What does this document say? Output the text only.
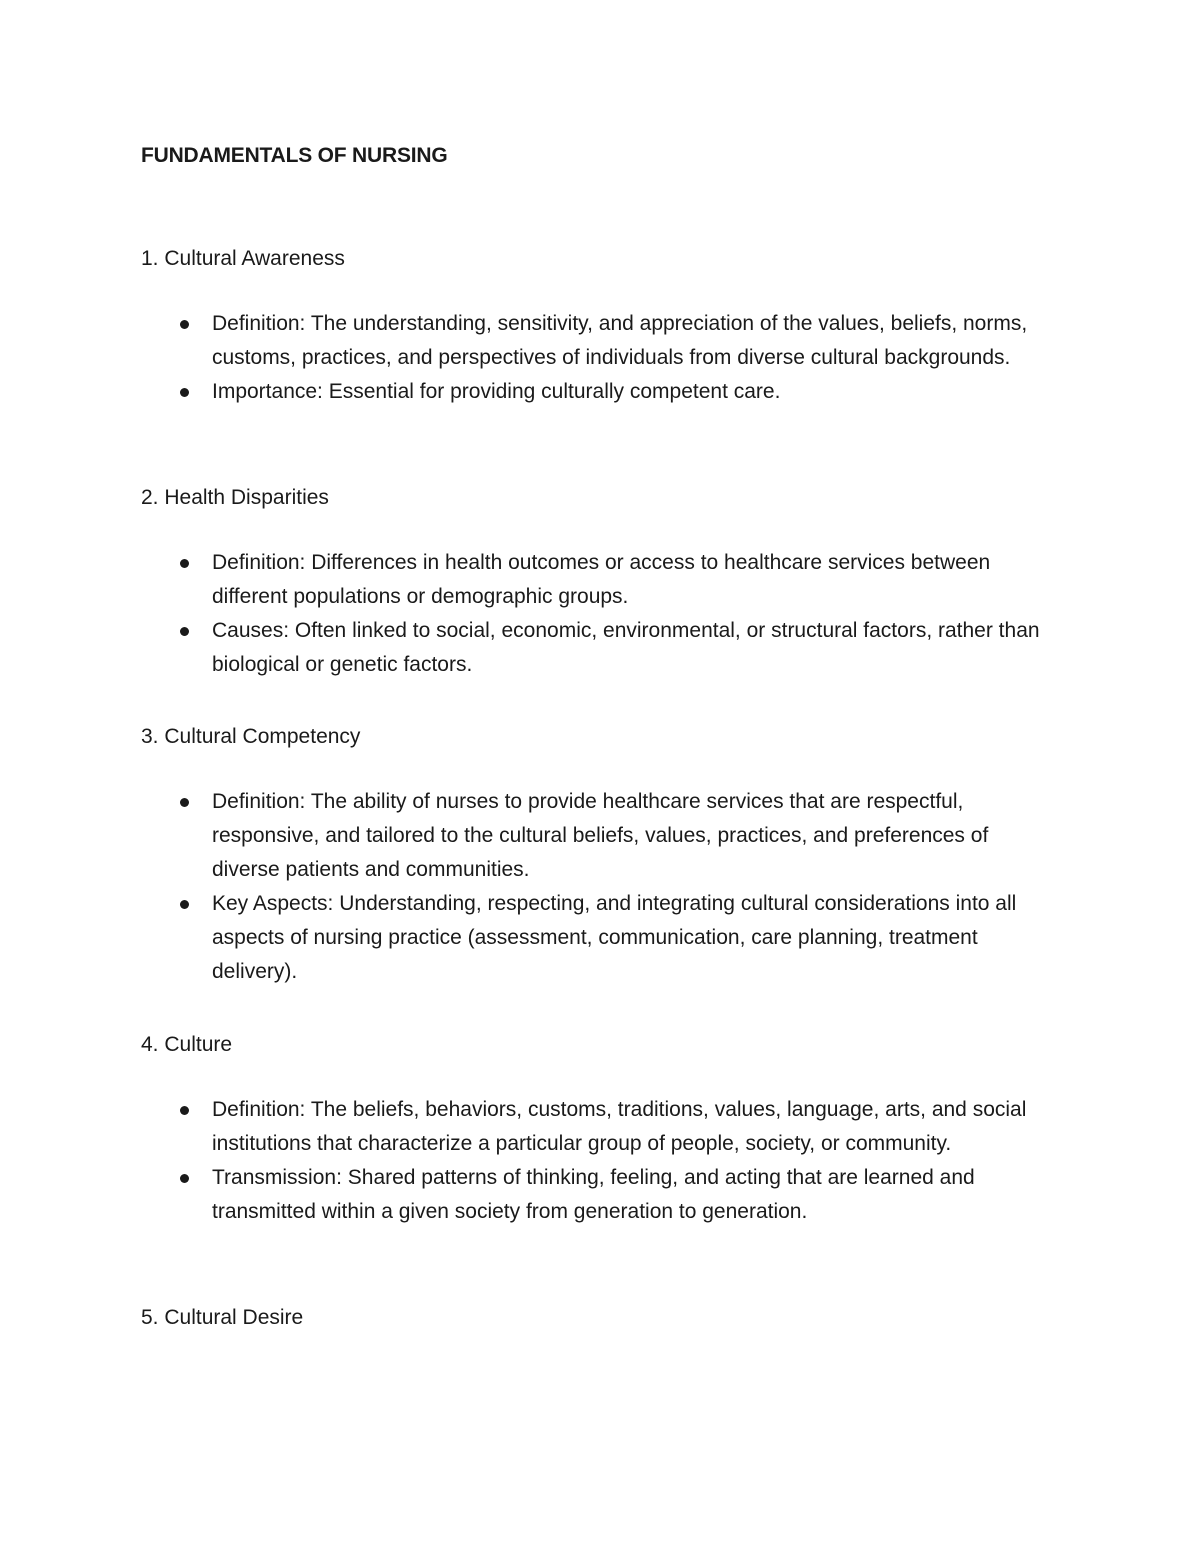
FUNDAMENTALS OF NURSING
1. Cultural Awareness
Definition: The understanding, sensitivity, and appreciation of the values, beliefs, norms, customs, practices, and perspectives of individuals from diverse cultural backgrounds.
Importance: Essential for providing culturally competent care.
2. Health Disparities
Definition: Differences in health outcomes or access to healthcare services between different populations or demographic groups.
Causes: Often linked to social, economic, environmental, or structural factors, rather than biological or genetic factors.
3. Cultural Competency
Definition: The ability of nurses to provide healthcare services that are respectful, responsive, and tailored to the cultural beliefs, values, practices, and preferences of diverse patients and communities.
Key Aspects: Understanding, respecting, and integrating cultural considerations into all aspects of nursing practice (assessment, communication, care planning, treatment delivery).
4. Culture
Definition: The beliefs, behaviors, customs, traditions, values, language, arts, and social institutions that characterize a particular group of people, society, or community.
Transmission: Shared patterns of thinking, feeling, and acting that are learned and transmitted within a given society from generation to generation.
5. Cultural Desire
